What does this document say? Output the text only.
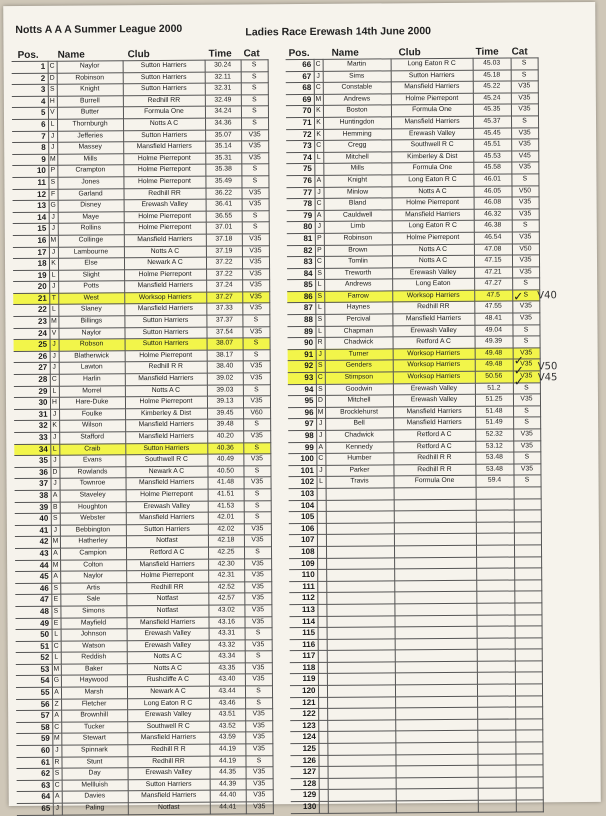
Notts A A A Summer League 2000	Ladies Race Erewash 14th June 2000
Pos. Name	Club	Time Cat	Pos. Name	Club	Time Cat
1	C	Naylor	Sutton Harriers	30.24	S
2	D	Robinson	Sutton Harriers	32.11	S
3	S	Knight	Sutton Harriers	32.31	S
4	H	Burrell	Redhill RR	32.49	S
5	V	Butter	Formula One	34.24	S
6	L	Thornburgh	Notts A C	34.36	S
7	J	Jefferies	Sutton Harriers	35.07	V35
8	J	Massey	Mansfield Harriers	35.14	V35
9	M	Mills	Holme Pierrepont	35.31	V35
10	P	Crampton	Holme Pierrepont	35.38	S
11	S	Jones	Holme Pierrepont	35.49	S
12	F	Garland	Redhill RR	36.22	V35
13	G	Disney	Erewash Valley	36.41	V35
14	J	Maye	Holme Pierrepont	36.55	S
15	J	Rollins	Holme Pierrepont	37.01	S
16	M	Collinge	Mansfield Harriers	37.18	V35
17	J	Lambourne	Notts A C	37.19	V35
18	K	Else	Newark A C	37.22	V35
19	L	Slight	Holme Pierrepont	37.22	V35
20	J	Potts	Mansfield Harriers	37.24	V35
21	T	West	Worksop Harriers	37.27	V35
22	L	Slaney	Mansfield Harriers	37.33	V35
23	M	Billings	Sutton Harriers	37.37	S
24	V	Naylor	Sutton Harriers	37.54	V35
25	J	Robson	Sutton Harriers	38.07	S
26	J	Blatherwick	Holme Pierrepont	38.17	S
27	J	Lawton	Redhill R R	38.40	V35
28	C	Harlin	Mansfield Harriers	39.02	V35
29	L	Morrel	Notts A C	39.03	S
30	H	Hare-Duke	Holme Pierrepont	39.13	V35
31	J	Foulke	Kimberley & Dist	39.45	V60
32	K	Wilson	Mansfield Harriers	39.48	S
33	J	Stafford	Mansfield Harriers	40.20	V35
34	L	Craib	Sutton Harriers	40.36	S
35	J	Evans	Southwell R C	40.49	V35
36	D	Rowlands	Newark A C	40.50	S
37	J	Townroe	Mansfield Harriers	41.48	V35
38	A	Staveley	Holme Pierrepont	41.51	S
39	B	Houghton	Erewash Valley	41.53	S
40	S	Webster	Mansfield Harriers	42.01	S
41	J	Bebbington	Sutton Harriers	42.02	V35
42	M	Hatherley	Notfast	42.18	V35
43	A	Campion	Retford A C	42.25	S
44	M	Colton	Mansfield Harriers	42.30	V35
45	A	Naylor	Holme Pierrepont	42.31	V35
46	S	Artis	Redhill RR	42.52	V35
47	E	Sale	Notfast	42.57	V35
48	S	Simons	Notfast	43.02	V35
49	E	Mayfield	Mansfield Harriers	43.16	V35
50	L	Johnson	Erewash Valley	43.31	S
51	C	Watson	Erewash Valley	43.32	V35
52	L	Reddish	Notts A C	43.34	S
53	M	Baker	Notts A C	43.35	V35
54	G	Haywood	Rushcliffe A C	43.40	V35
55	A	Marsh	Newark A C	43.44	S
56	Z	Fletcher	Long Eaton R C	43.46	S
57	A	Brownhill	Erewash Valley	43.51	V35
58	C	Tucker	Southwell R C	43.52	V35
59	M	Stewart	Mansfield Harriers	43.59	V35
60	J	Spinnark	Redhill R R	44.19	V35
61	R	Stunt	Redhill RR	44.19	S
62	S	Day	Erewash Valley	44.35	V35
63	C	Mellluish	Sutton Harriers	44.39	V35
64	A	Davies	Mansfield Harriers	44.40	V35
65	J	Paling	Notfast	44.41	V35
66	C	Martin	Long Eaton R C	45.03	S
67	J	Sims	Sutton Harriers	45.18	S
68	C	Constable	Mansfield Harriers	45.22	V35
69	M	Andrews	Holme Pierrepont	45.24	V35
70	K	Boston	Formula One	45.35	V35
71	K	Huntingdon	Mansfield Harriers	45.37	S
72	K	Hemming	Erewash Valley	45.45	V35
73	C	Cregg	Southwell R C	45.51	V35
74	L	Mitchell	Kimberley & Dist	45.53	V45
75		Mills	Formula One	45.58	V35
76	A	Knight	Long Eaton R C	46.01	S
77	J	Minlow	Notts A C	46.05	V50
78	C	Bland	Holme Pierrepont	46.08	V35
79	A	Cauldwell	Mansfield Harriers	46.32	V35
80	J	Limb	Long Eaton R C	46.38	S
81	P	Robinson	Holme Pierrepont	46.54	V35
82	P	Brown	Notts A C	47.08	V50
83	C	Tomlin	Notts A C	47.15	V35
84	S	Treworth	Erewash Valley	47.21	V35
85	L	Andrews	Long Eaton	47.27	S
86	S	Farrow	Worksop Harriers	47.5	S
87	L	Haynes	Redhill RR	47.55	V35
88	S	Percival	Mansfield Harriers	48.41	V35
89	L	Chapman	Erewash Valley	49.04	S
90	R	Chadwick	Retford A C	49.39	S
91	J	Turner	Worksop Harriers	49.48	V35
92	S	Genders	Worksop Harriers	49.48	V35
93	C	Stimpson	Worksop Harriers	50.56	V35
94	S	Goodwin	Erewash Valley	51.2	S
95	D	Mitchell	Erewash Valley	51.25	V35
96	M	Brocklehurst	Mansfield Harriers	51.48	S
97	J	Bell	Mansfield Harriers	51.49	S
98	J	Chadwick	Retford A C	52.32	V35
99	A	Kennedy	Retford A C	53.12	V35
100	C	Humber	Redhill R R	53.48	S
101	J	Parker	Redhill R R	53.48	V35
102	L	Travis	Formula One	59.4	S
103					
104					
105					
106					
107					
108					
109					
110					
111					
112					
113					
114					
115					
116					
117					
118					
119					
120					
121					
122					
123					
124					
125					
126					
127					
128					
129					
130					
✓ V40
✓
✓ V50
✓ V45
